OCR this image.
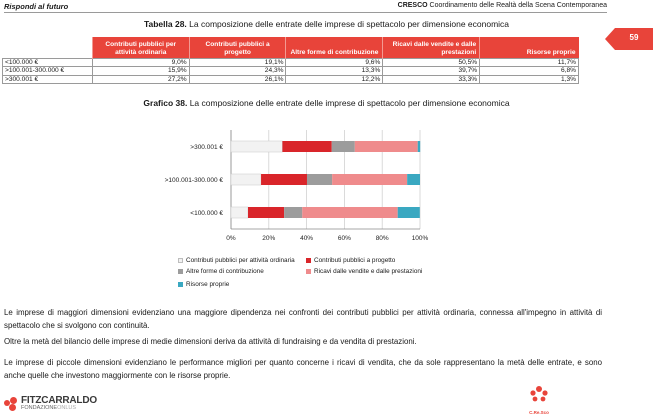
Rispondi al futuro	CRESCO Coordinamento delle Realtà della Scena Contemporanea
59
Tabella 28. La composizione delle entrate delle imprese di spettacolo per dimensione economica
	Contributi pubblici per attività ordinaria	Contributi pubblici a progetto	Altre forme di contribuzione	Ricavi dalle vendite e dalle prestazioni	Risorse proprie
<100.000 €	9,0%	19,1%	9,6%	50,5%	11,7%
>100.001-300.000 €	15,9%	24,3%	13,3%	39,7%	6,8%
>300.001 €	27,2%	26,1%	12,2%	33,3%	1,3%
Grafico 38. La composizione delle entrate delle imprese di spettacolo per dimensione economica
0%	20%	40%	60%	80%	100%
<100.000 €
>100.001-300.000 €
>300.001 €
Contributi pubblici per attività ordinaria	Contributi pubblici a progetto
Altre forme di contribuzione	Ricavi dalle vendite e dalle prestazioni
Risorse proprie

Le imprese di maggiori dimensioni evidenziano una maggiore dipendenza nei confronti dei contributi pubblici per attività ordinaria, connessa all'impegno in attività di spettacolo che si svolgono con continuità.

Oltre la metà del bilancio delle imprese di medie dimensioni deriva da attività di fundraising e da vendita di prestazioni.

Le imprese di piccole dimensioni evidenziano le performance migliori per quanto concerne i ricavi di vendita, che da sole rappresentano la metà delle entrate, e sono anche quelle che investono maggiormente con le risorse proprie.

FITZCARRALDO
FONDAZIONEONLUS
C.Re.Sco
